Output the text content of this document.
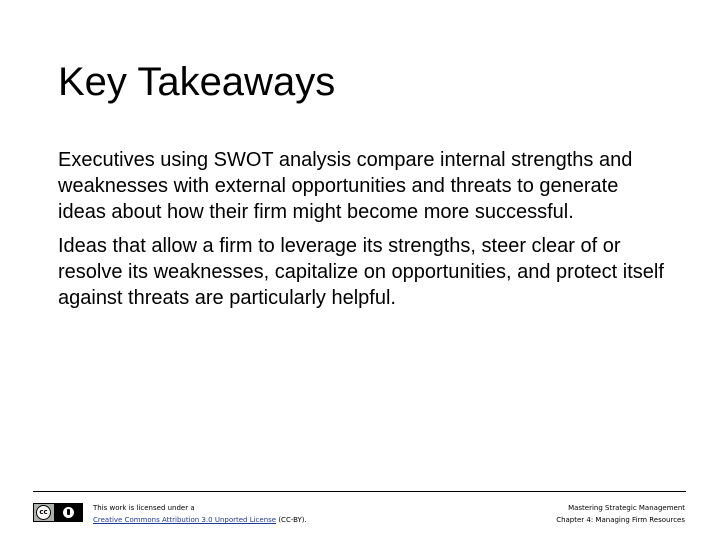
Key Takeaways

Executives using SWOT analysis compare internal strengths and weaknesses with external opportunities and threats to generate ideas about how their firm might become more successful.

Ideas that allow a firm to leverage its strengths, steer clear of or resolve its weaknesses, capitalize on opportunities, and protect itself against threats are particularly helpful.

cc	This work is licensed under a
Creative Commons Attribution 3.0 Unported License (CC-BY).
Mastering Strategic Management
Chapter 4: Managing Firm Resources
